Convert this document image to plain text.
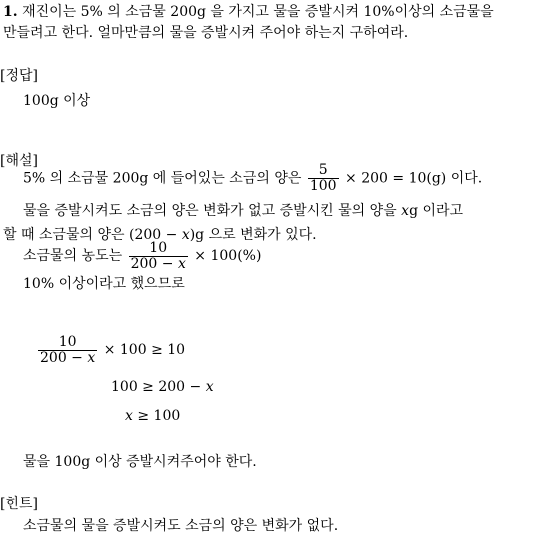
1. 재진이는 5% 의 소금물 200g 을 가지고 물을 증발시켜 10%이상의 소금물을
만들려고 한다. 얼마만큼의 물을 증발시켜 주어야 하는지 구하여라.
[정답]
100g 이상
[해설]
5% 의 소금물 200g 에 들어있는 소금의 양은 $\frac{5}{100} \times 200 = 10(g)$ 이다.
물을 증발시켜도 소금의 양은 변화가 없고 증발시킨 물의 양을 xg 이라고
할 때 소금물의 양은 (200 − x)g 으로 변화가 있다.
소금물의 농도는 $\frac{10}{200 - x} \times 100(\%)$
10% 이상이라고 했으므로
$\frac{10}{200 - x} \times 100 \ge 10$
100 ≥ 200 − x
x ≥ 100
물을 100g 이상 증발시켜주어야 한다.
[힌트]
소금물의 물을 증발시켜도 소금의 양은 변화가 없다.
